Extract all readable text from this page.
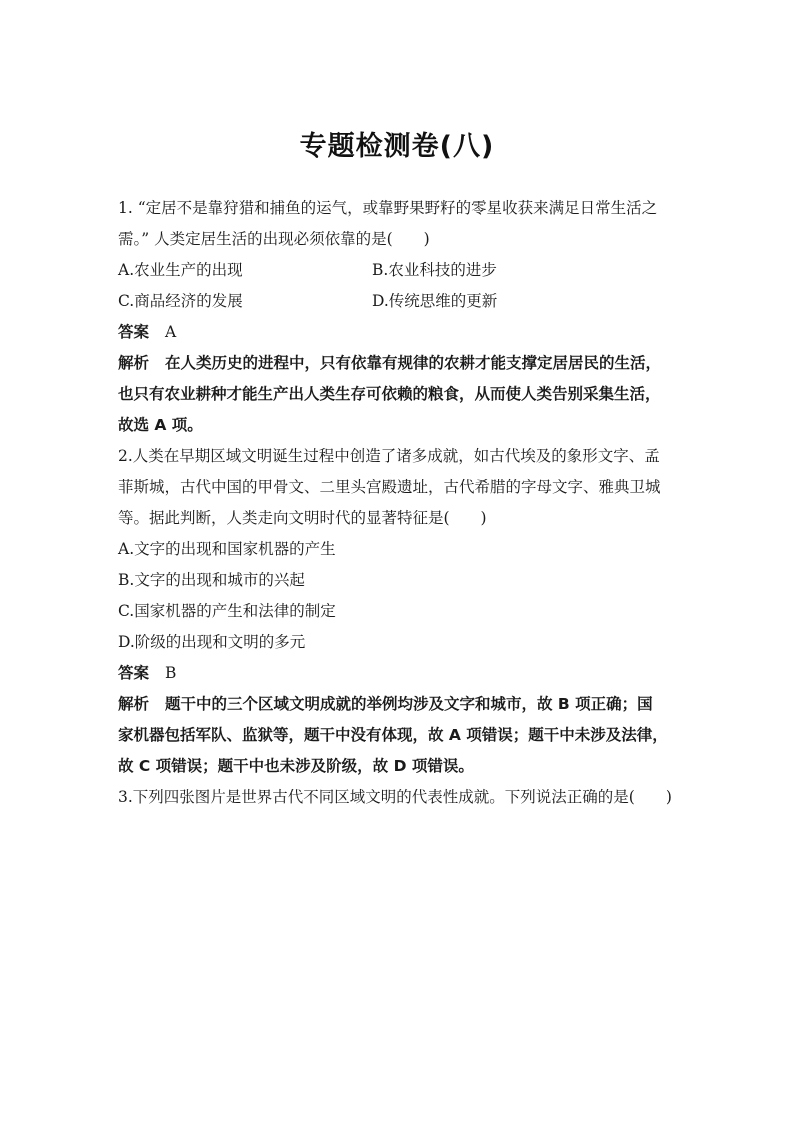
专题检测卷(八)
1. “定居不是靠狩猎和捕鱼的运气，或靠野果野籽的零星收获来满足日常生活之
需。” 人类定居生活的出现必须依靠的是(　　)
A.农业生产的出现	B.农业科技的进步
C.商品经济的发展	D.传统思维的更新
答案 A
解析 在人类历史的进程中，只有依靠有规律的农耕才能支撑定居居民的生活，
也只有农业耕种才能生产出人类生存可依赖的粮食，从而使人类告别采集生活，
故选 A 项。
2.人类在早期区域文明诞生过程中创造了诸多成就，如古代埃及的象形文字、孟
菲斯城，古代中国的甲骨文、二里头宫殿遗址，古代希腊的字母文字、雅典卫城
等。据此判断，人类走向文明时代的显著特征是(　　)
A.文字的出现和国家机器的产生
B.文字的出现和城市的兴起
C.国家机器的产生和法律的制定
D.阶级的出现和文明的多元
答案 B
解析 题干中的三个区域文明成就的举例均涉及文字和城市，故 B 项正确；国
家机器包括军队、监狱等，题干中没有体现，故 A 项错误；题干中未涉及法律，
故 C 项错误；题干中也未涉及阶级，故 D 项错误。
3.下列四张图片是世界古代不同区域文明的代表性成就。下列说法正确的是(　　)
